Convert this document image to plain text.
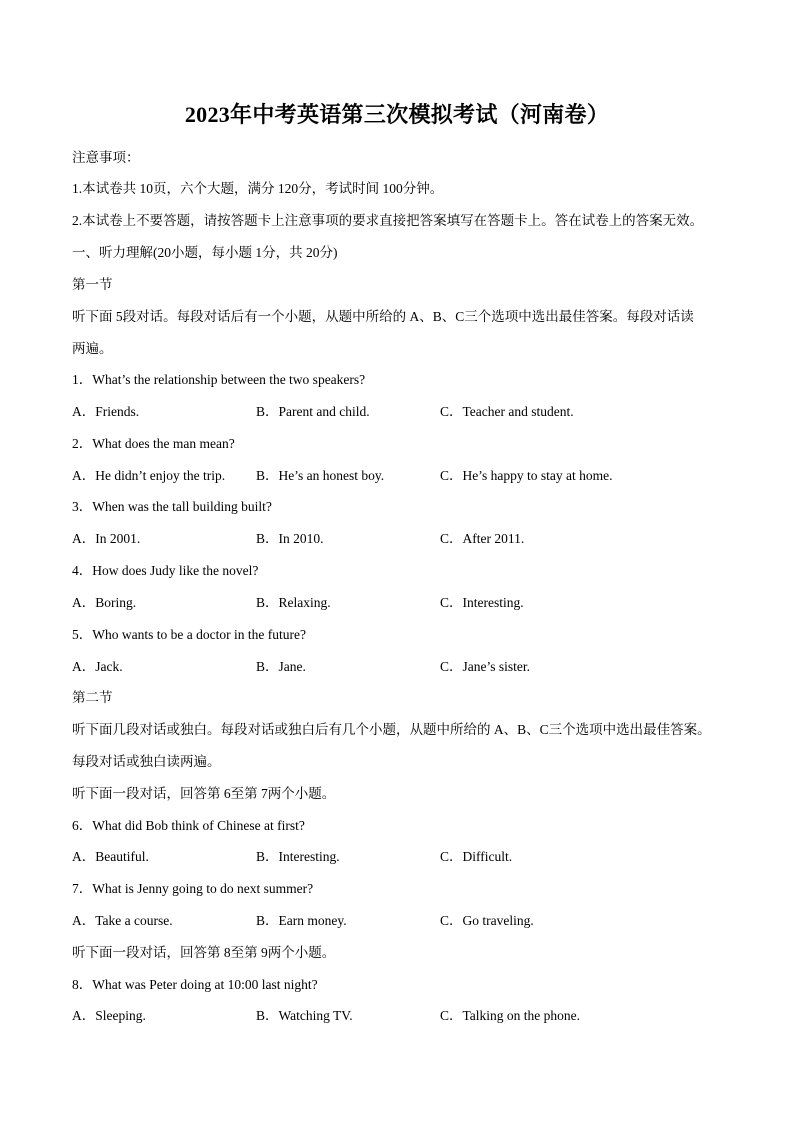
2023年中考英语第三次模拟考试（河南卷）
注意事项：
1.本试卷共 10页，六个大题，满分 120分，考试时间 100分钟。
2.本试卷上不要答题，请按答题卡上注意事项的要求直接把答案填写在答题卡上。答在试卷上的答案无效。
一、听力理解(20小题，每小题 1分，共 20分)
第一节
听下面 5段对话。每段对话后有一个小题，从题中所给的 A、B、C三个选项中选出最佳答案。每段对话读
两遍。
1．What’s the relationship between the two speakers?
A．Friends.	B．Parent and child.	C．Teacher and student.
2．What does the man mean?
A．He didn’t enjoy the trip. B．He’s an honest boy.	C．He’s happy to stay at home.
3．When was the tall building built?
A．In 2001.	B．In 2010.	C．After 2011.
4．How does Judy like the novel?
A．Boring.	B．Relaxing.	C．Interesting.
5．Who wants to be a doctor in the future?
A．Jack.	B．Jane.	C．Jane’s sister.
第二节
听下面几段对话或独白。每段对话或独白后有几个小题，从题中所给的 A、B、C三个选项中选出最佳答案。
每段对话或独白读两遍。
听下面一段对话，回答第 6至第 7两个小题。
6．What did Bob think of Chinese at first?
A．Beautiful.	B．Interesting.	C．Difficult.
7．What is Jenny going to do next summer?
A．Take a course.	B．Earn money.	C．Go traveling.
听下面一段对话，回答第 8至第 9两个小题。
8．What was Peter doing at 10:00 last night?
A．Sleeping.	B．Watching TV.	C．Talking on the phone.
